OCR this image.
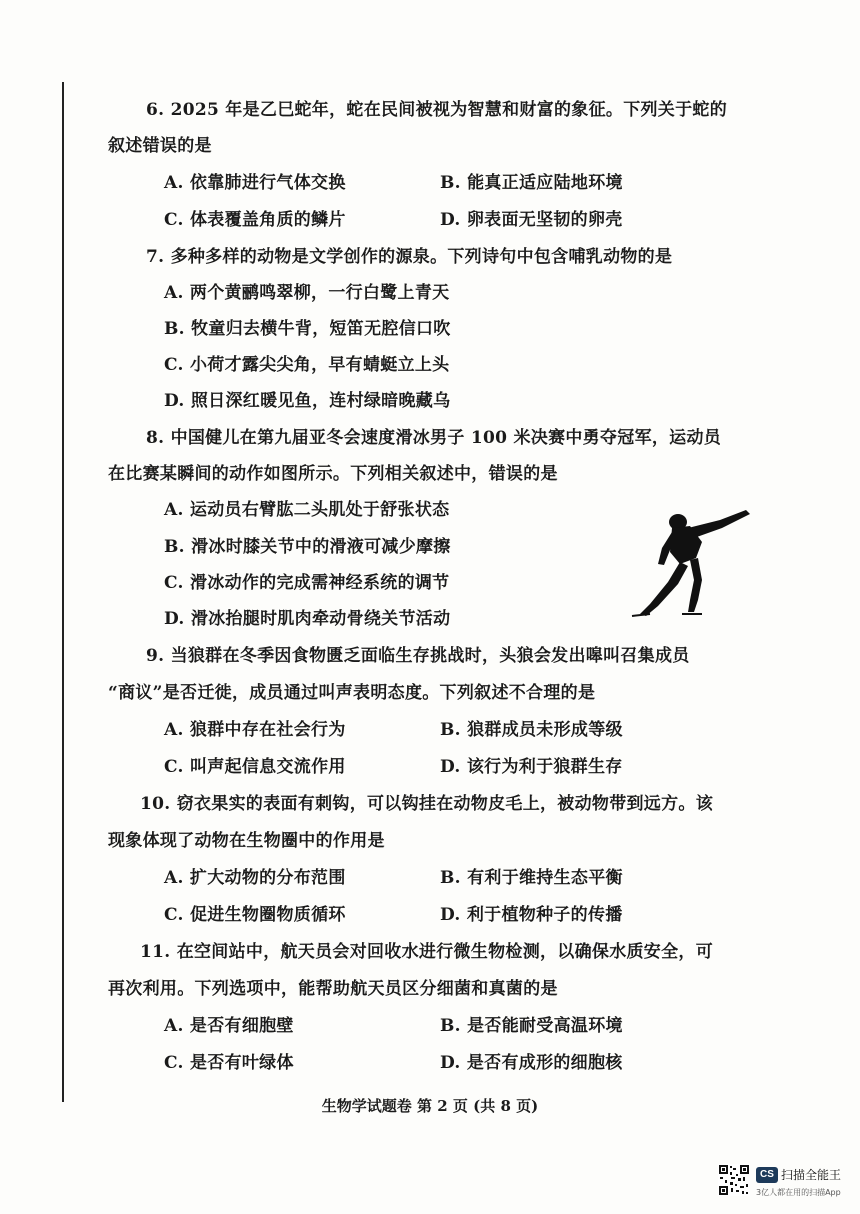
6. 2025 年是乙巳蛇年，蛇在民间被视为智慧和财富的象征。下列关于蛇的
叙述错误的是
A. 依靠肺进行气体交换	B. 能真正适应陆地环境
C. 体表覆盖角质的鳞片	D. 卵表面无坚韧的卵壳
7. 多种多样的动物是文学创作的源泉。下列诗句中包含哺乳动物的是
A. 两个黄鹂鸣翠柳，一行白鹭上青天
B. 牧童归去横牛背，短笛无腔信口吹
C. 小荷才露尖尖角，早有蜻蜓立上头
D. 照日深红暖见鱼，连村绿暗晚藏乌
8. 中国健儿在第九届亚冬会速度滑冰男子 100 米决赛中勇夺冠军，运动员
在比赛某瞬间的动作如图所示。下列相关叙述中，错误的是
A. 运动员右臂肱二头肌处于舒张状态
B. 滑冰时膝关节中的滑液可减少摩擦
C. 滑冰动作的完成需神经系统的调节
D. 滑冰抬腿时肌肉牵动骨绕关节活动
9. 当狼群在冬季因食物匮乏面临生存挑战时，头狼会发出嗥叫召集成员
“商议”是否迁徙，成员通过叫声表明态度。下列叙述不合理的是
A. 狼群中存在社会行为	B. 狼群成员未形成等级
C. 叫声起信息交流作用	D. 该行为利于狼群生存
10. 窃衣果实的表面有刺钩，可以钩挂在动物皮毛上，被动物带到远方。该
现象体现了动物在生物圈中的作用是
A. 扩大动物的分布范围	B. 有利于维持生态平衡
C. 促进生物圈物质循环	D. 利于植物种子的传播
11. 在空间站中，航天员会对回收水进行微生物检测，以确保水质安全，可
再次利用。下列选项中，能帮助航天员区分细菌和真菌的是
A. 是否有细胞壁	B. 是否能耐受高温环境
C. 是否有叶绿体	D. 是否有成形的细胞核
生物学试题卷 第 2 页 (共 8 页)
CS 扫描全能王
3亿人都在用的扫描App
